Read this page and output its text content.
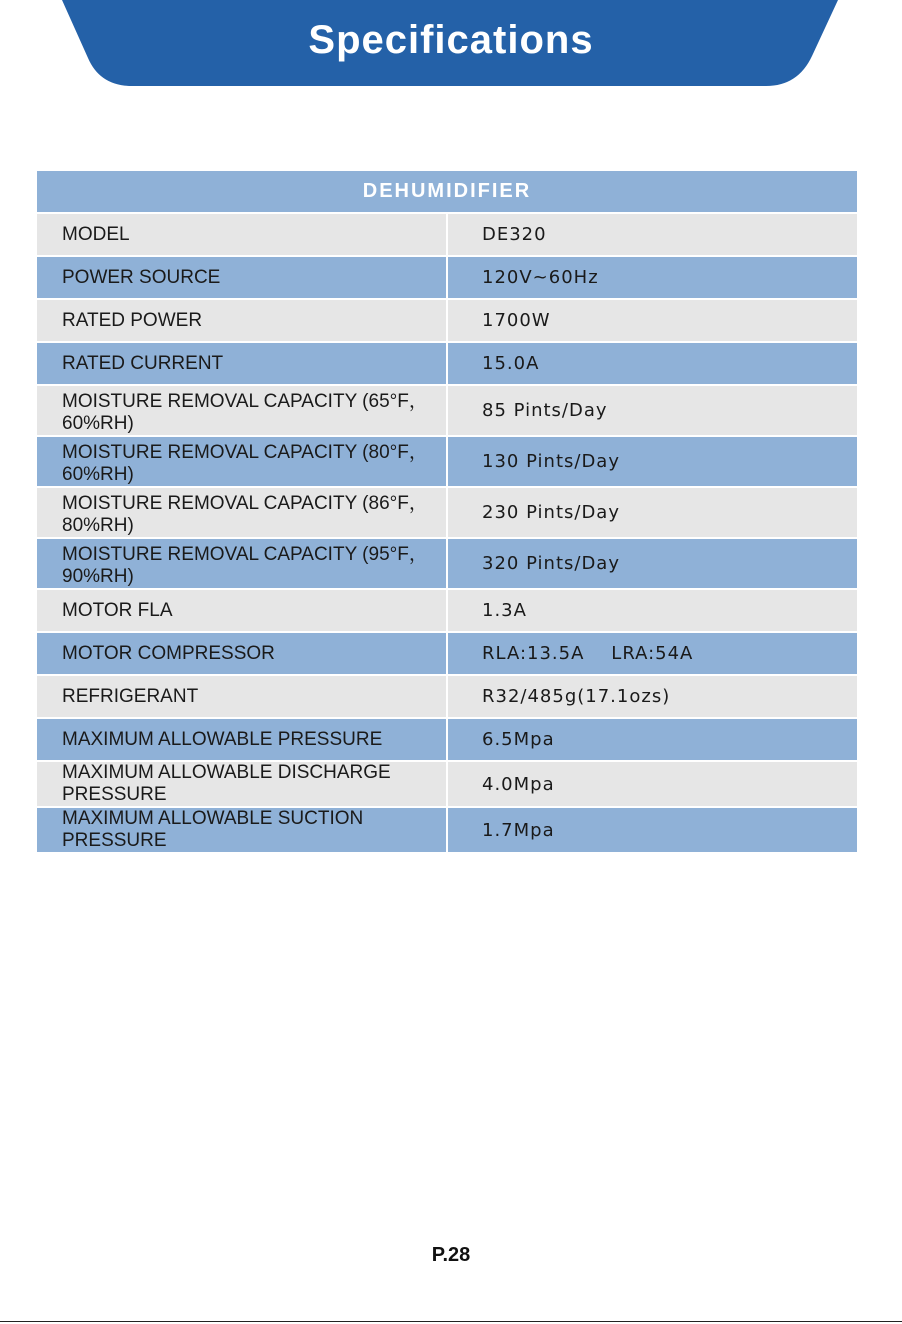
Specifications
DEHUMIDIFIER	
MODEL	DE320
POWER SOURCE	120V~60Hz
RATED POWER	1700W
RATED CURRENT	15.0A
MOISTURE REMOVAL CAPACITY (65°F， 60%RH)	85 Pints/Day
MOISTURE REMOVAL CAPACITY (80°F， 60%RH)	130 Pints/Day
MOISTURE REMOVAL CAPACITY (86°F， 80%RH)	230 Pints/Day
MOISTURE REMOVAL CAPACITY (95°F， 90%RH)	320 Pints/Day
MOTOR FLA	1.3A
MOTOR COMPRESSOR	RLA:13.5A    LRA:54A
REFRIGERANT	R32/485g(17.1ozs)
MAXIMUM ALLOWABLE PRESSURE	6.5Mpa
MAXIMUM ALLOWABLE DISCHARGE PRESSURE	4.0Mpa
MAXIMUM ALLOWABLE SUCTION PRESSURE	1.7Mpa
P.28
